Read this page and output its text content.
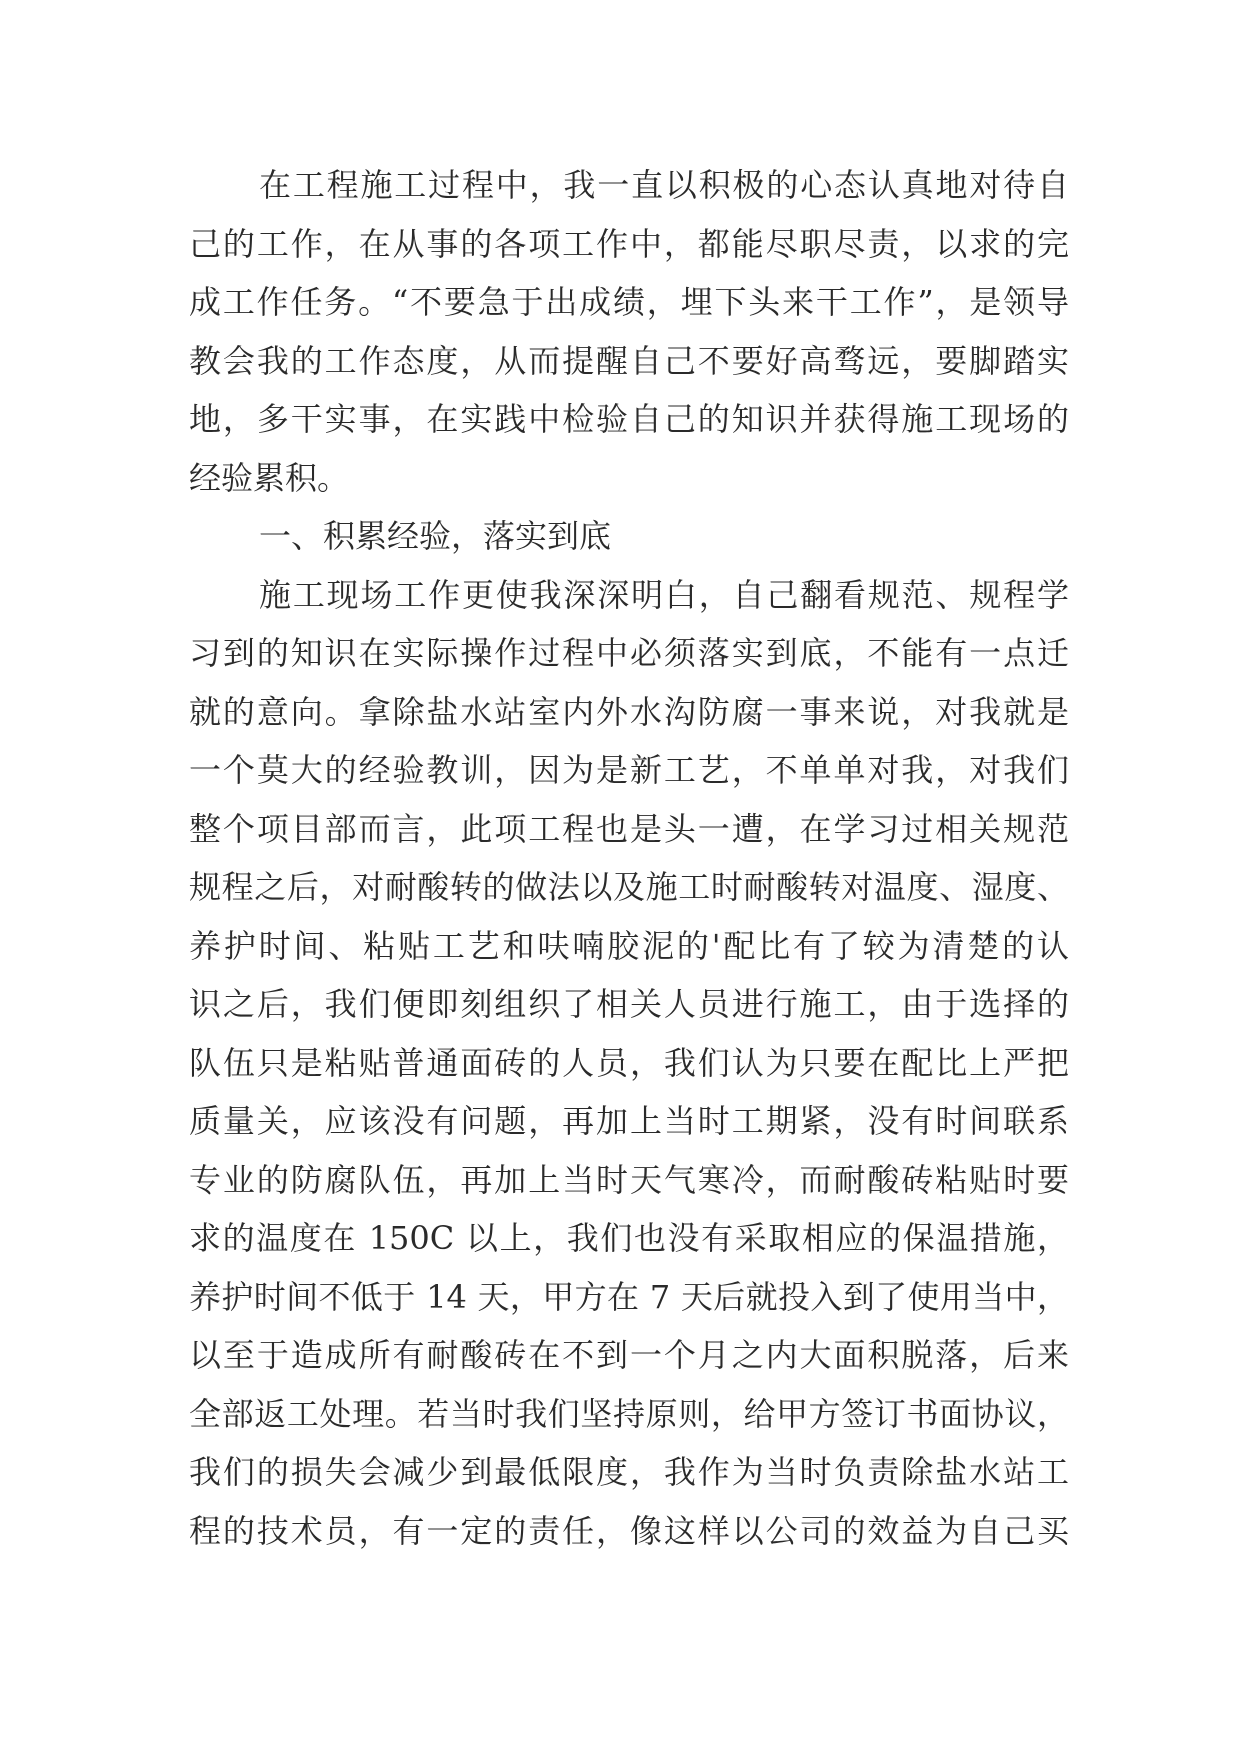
在工程施工过程中，我一直以积极的心态认真地对待自
己的工作，在从事的各项工作中，都能尽职尽责，以求的完
成工作任务。“不要急于出成绩，埋下头来干工作”，是领导
教会我的工作态度，从而提醒自己不要好高骛远，要脚踏实
地，多干实事，在实践中检验自己的知识并获得施工现场的
经验累积。
一、积累经验，落实到底
施工现场工作更使我深深明白，自己翻看规范、规程学
习到的知识在实际操作过程中必须落实到底，不能有一点迁
就的意向。拿除盐水站室内外水沟防腐一事来说，对我就是
一个莫大的经验教训，因为是新工艺，不单单对我，对我们
整个项目部而言，此项工程也是头一遭，在学习过相关规范
规程之后，对耐酸转的做法以及施工时耐酸转对温度、湿度、
养护时间、粘贴工艺和呋喃胶泥的'配比有了较为清楚的认
识之后，我们便即刻组织了相关人员进行施工，由于选择的
队伍只是粘贴普通面砖的人员，我们认为只要在配比上严把
质量关，应该没有问题，再加上当时工期紧，没有时间联系
专业的防腐队伍，再加上当时天气寒冷，而耐酸砖粘贴时要
求的温度在 150C 以上，我们也没有采取相应的保温措施，
养护时间不低于 14 天，甲方在 7 天后就投入到了使用当中，
以至于造成所有耐酸砖在不到一个月之内大面积脱落，后来
全部返工处理。若当时我们坚持原则，给甲方签订书面协议，
我们的损失会减少到最低限度，我作为当时负责除盐水站工
程的技术员，有一定的责任，像这样以公司的效益为自己买
